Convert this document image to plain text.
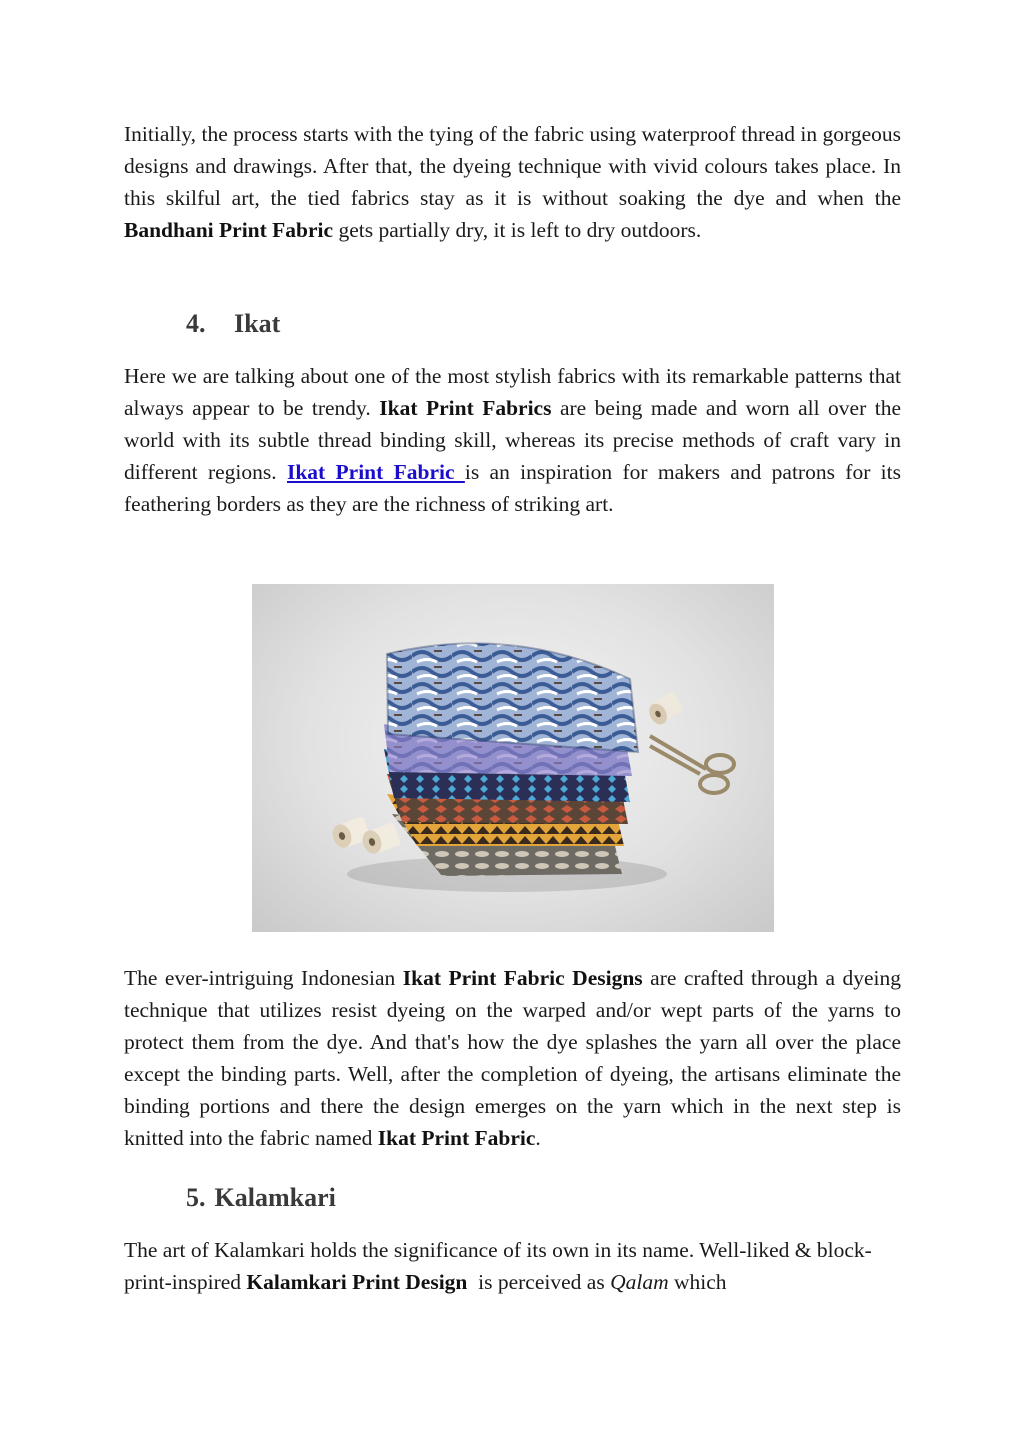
Initially, the process starts with the tying of the fabric using waterproof thread in gorgeous designs and drawings. After that, the dyeing technique with vivid colours takes place. In this skilful art, the tied fabrics stay as it is without soaking the dye and when the Bandhani Print Fabric gets partially dry, it is left to dry outdoors.

4. Ikat

Here we are talking about one of the most stylish fabrics with its remarkable patterns that always appear to be trendy. Ikat Print Fabrics are being made and worn all over the world with its subtle thread binding skill, whereas its precise methods of craft vary in different regions. Ikat Print Fabric is an inspiration for makers and patrons for its feathering borders as they are the richness of striking art.

The ever-intriguing Indonesian Ikat Print Fabric Designs are crafted through a dyeing technique that utilizes resist dyeing on the warped and/or wept parts of the yarns to protect them from the dye. And that's how the dye splashes the yarn all over the place except the binding parts. Well, after the completion of dyeing, the artisans eliminate the binding portions and there the design emerges on the yarn which in the next step is knitted into the fabric named Ikat Print Fabric.

5. Kalamkari

The art of Kalamkari holds the significance of its own in its name. Well-liked & block-print-inspired Kalamkari Print Design  is perceived as Qalam which
